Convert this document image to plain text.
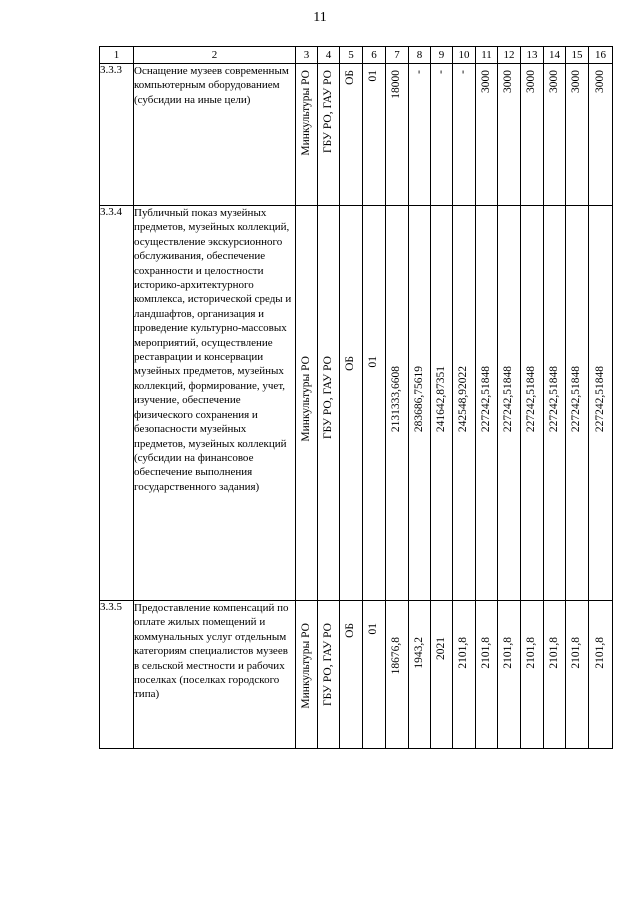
11
1	2	3	4	5	6	7	8	9	10	11	12	13	14	15	16
3.3.3	Оснащение музеев современным компьютерным оборудованием (субсидии на иные цели)	Минкультуры РО	ГБУ РО, ГАУ РО	ОБ	01	18000	-	-	-	3000	3000	3000	3000	3000	3000

3.3.4	Публичный показ музейных предметов, музейных коллекций, осуществление экскурсионного обслуживания, обеспечение сохранности и целостности историко-архитектурного комплекса, исторической среды и ландшафтов, организация и проведение культурно-массовых мероприятий, осуществление реставрации и консервации музейных предметов, музейных коллекций, формирование, учет, изучение, обеспечение физического сохранения и безопасности музейных предметов, музейных коллекций (субсидии на финансовое обеспечение выполнения государственного задания)	Минкультуры РО	ГБУ РО, ГАУ РО	ОБ	01	2131333,6608	283686,75619	241642,87351	242548,92022	227242,51848	227242,51848	227242,51848	227242,51848	227242,51848	227242,51848

3.3.5	Предоставление компенсаций по оплате жилых помещений и коммунальных услуг отдельным категориям специалистов музеев в сельской местности и рабочих поселках (поселках городского типа)	Минкультуры РО	ГБУ РО, ГАУ РО	ОБ	01	18676,8	1943,2	2021	2101,8	2101,8	2101,8	2101,8	2101,8	2101,8	2101,8
